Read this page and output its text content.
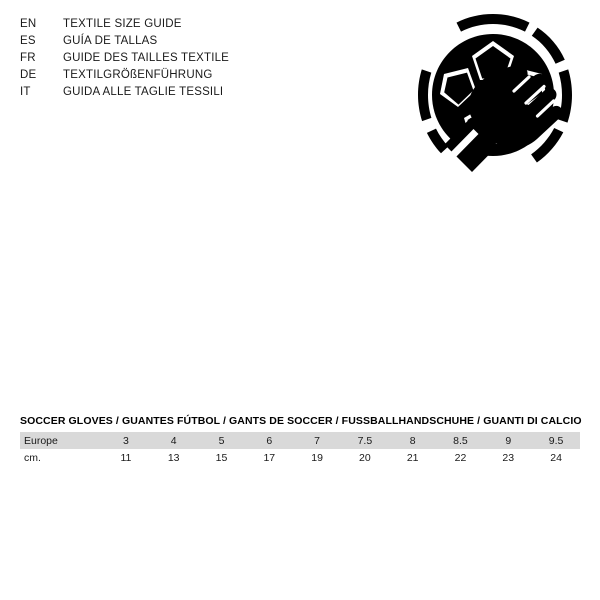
EN	TEXTILE SIZE GUIDE
ES	GUÍA DE TALLAS
FR	GUIDE DES TAILLES TEXTILE
DE	TEXTILGRÖßENFÜHRUNG
IT	GUIDA ALLE TAGLIE TESSILI
SOCCER GLOVES / GUANTES FÚTBOL / GANTS DE SOCCER / FUSSBALLHANDSCHUHE / GUANTI DI CALCIO
Europe	3	4	5	6	7	7.5	8	8.5	9	9.5
cm.	11	13	15	17	19	20	21	22	23	24
